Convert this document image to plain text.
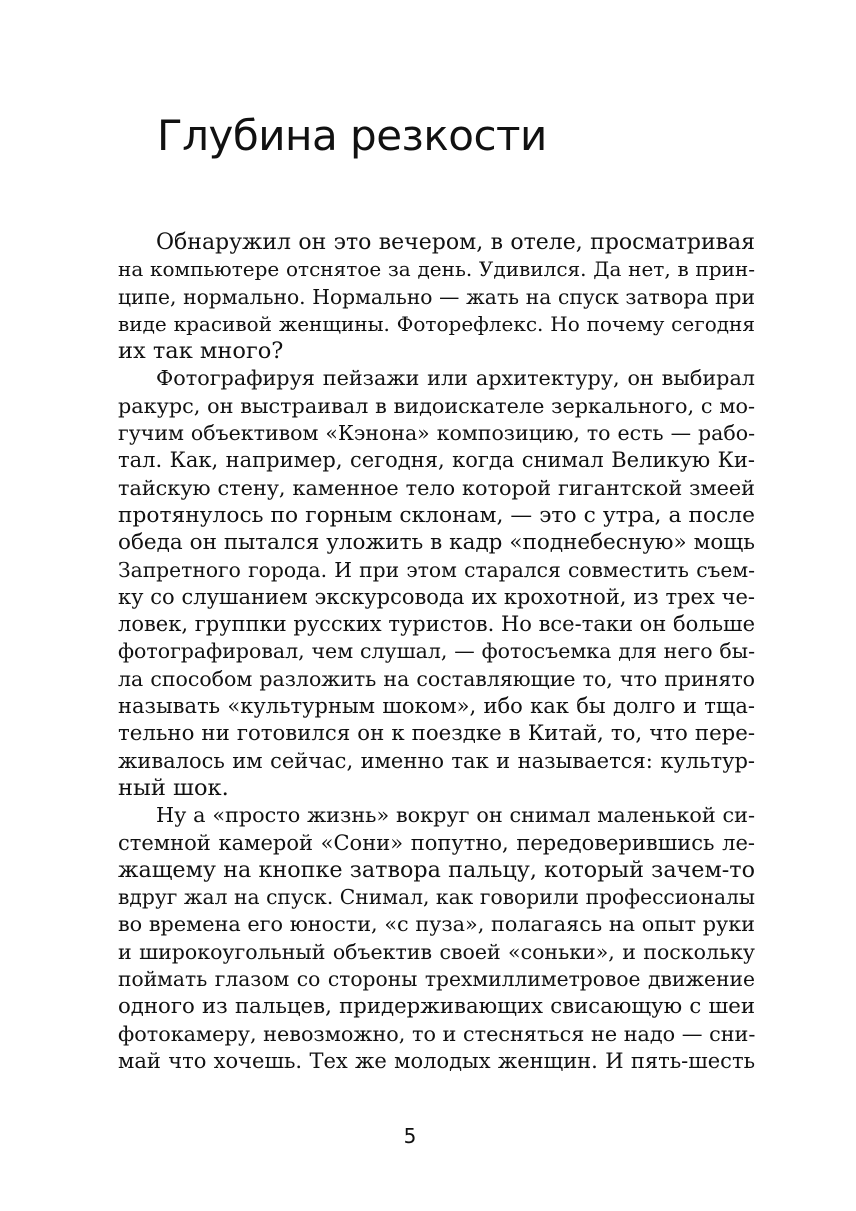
Глубина резкости
Обнаружил он это вечером, в отеле, просматривая
на компьютере отснятое за день. Удивился. Да нет, в прин-
ципе, нормально. Нормально — жать на спуск затвора при
виде красивой женщины. Фоторефлекс. Но почему сегодня
их так много?
Фотографируя пейзажи или архитектуру, он выбирал
ракурс, он выстраивал в видоискателе зеркального, с мо-
гучим объективом «Кэнона» композицию, то есть — рабо-
тал. Как, например, сегодня, когда снимал Великую Ки-
тайскую стену, каменное тело которой гигантской змеей
протянулось по горным склонам, — это с утра, а после
обеда он пытался уложить в кадр «поднебесную» мощь
Запретного города. И при этом старался совместить съем-
ку со слушанием экскурсовода их крохотной, из трех че-
ловек, группки русских туристов. Но все-таки он больше
фотографировал, чем слушал, — фотосъемка для него бы-
ла способом разложить на составляющие то, что принято
называть «культурным шоком», ибо как бы долго и тща-
тельно ни готовился он к поездке в Китай, то, что пере-
живалось им сейчас, именно так и называется: культур-
ный шок.
Ну а «просто жизнь» вокруг он снимал маленькой си-
стемной камерой «Сони» попутно, передоверившись ле-
жащему на кнопке затвора пальцу, который зачем-то
вдруг жал на спуск. Снимал, как говорили профессионалы
во времена его юности, «с пуза», полагаясь на опыт руки
и широкоугольный объектив своей «соньки», и поскольку
поймать глазом со стороны трехмиллиметровое движение
одного из пальцев, придерживающих свисающую с шеи
фотокамеру, невозможно, то и стесняться не надо — сни-
май что хочешь. Тех же молодых женщин. И пять-шесть
5
